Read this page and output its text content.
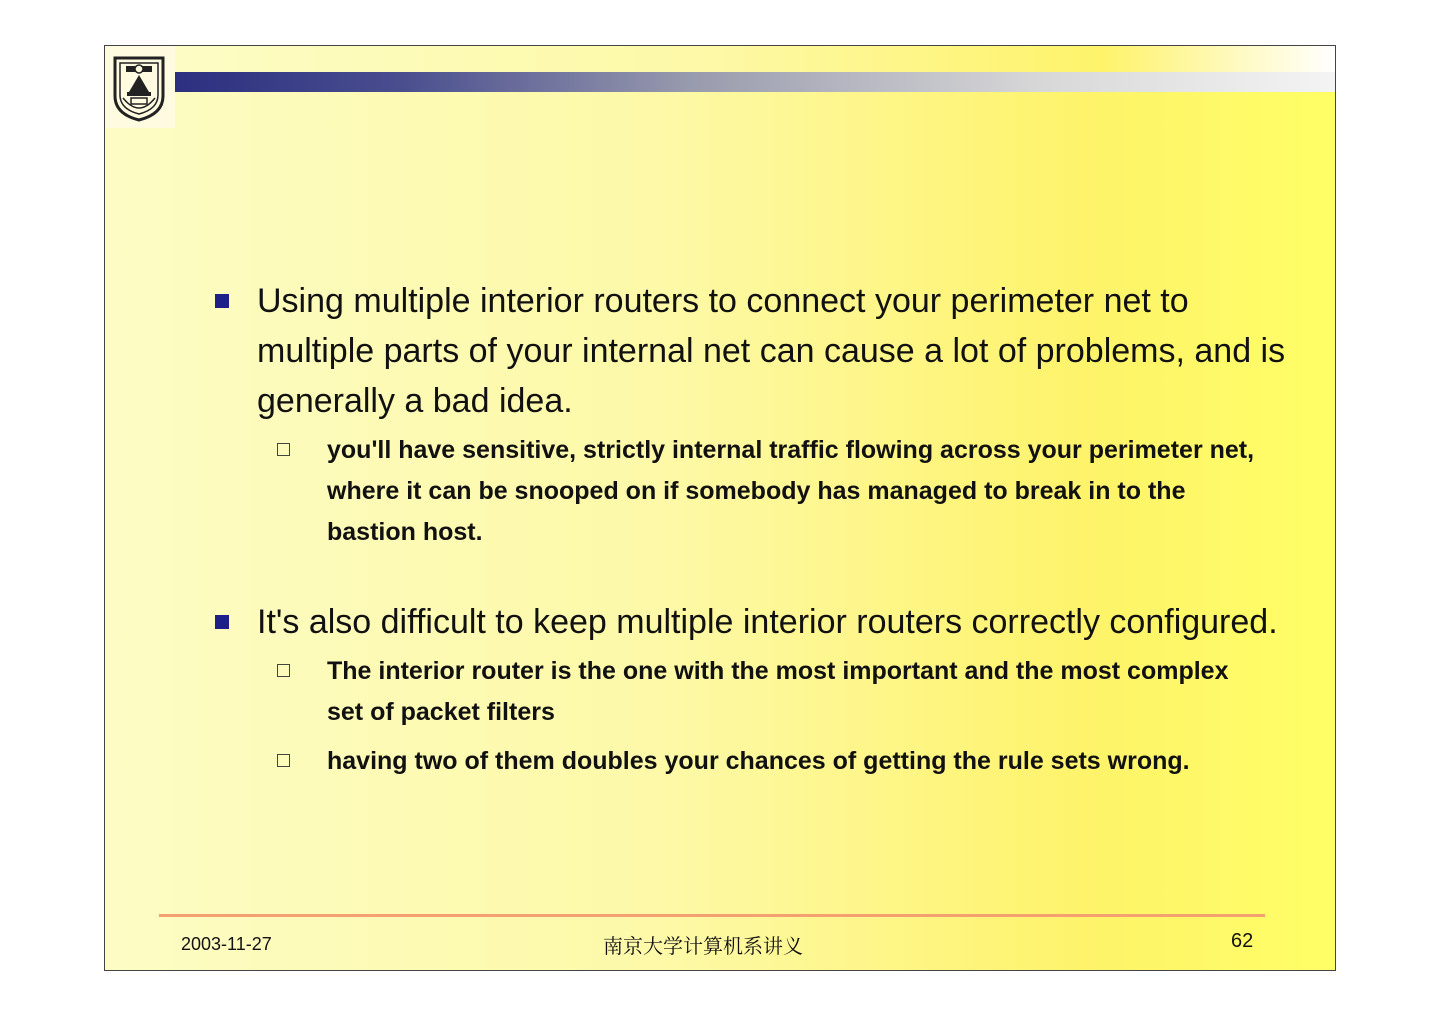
Using multiple interior routers to connect your perimeter net to multiple parts of your internal net can cause a lot of problems, and is generally a bad idea.
you'll have sensitive, strictly internal traffic flowing across your perimeter net, where it can be snooped on if somebody has managed to break in to the bastion host.
It's also difficult to keep multiple interior routers correctly configured.
The interior router is the one with the most important and the most complex set of packet filters
having two of them doubles your chances of getting the rule sets wrong.
2003-11-27	南京大学计算机系讲义	62
